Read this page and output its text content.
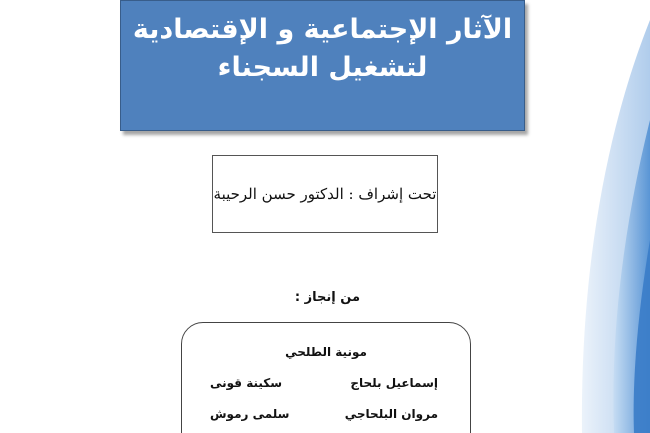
الآثار الإجتماعية و الإقتصادية
لتشغيل السجناء
تحت إشراف : الدكتور حسن الرحيبة
من إنجاز :
مونية الطلحي
إسماعيل بلحاج
سكينة قونى
مروان البلحاجي
سلمى رموش
